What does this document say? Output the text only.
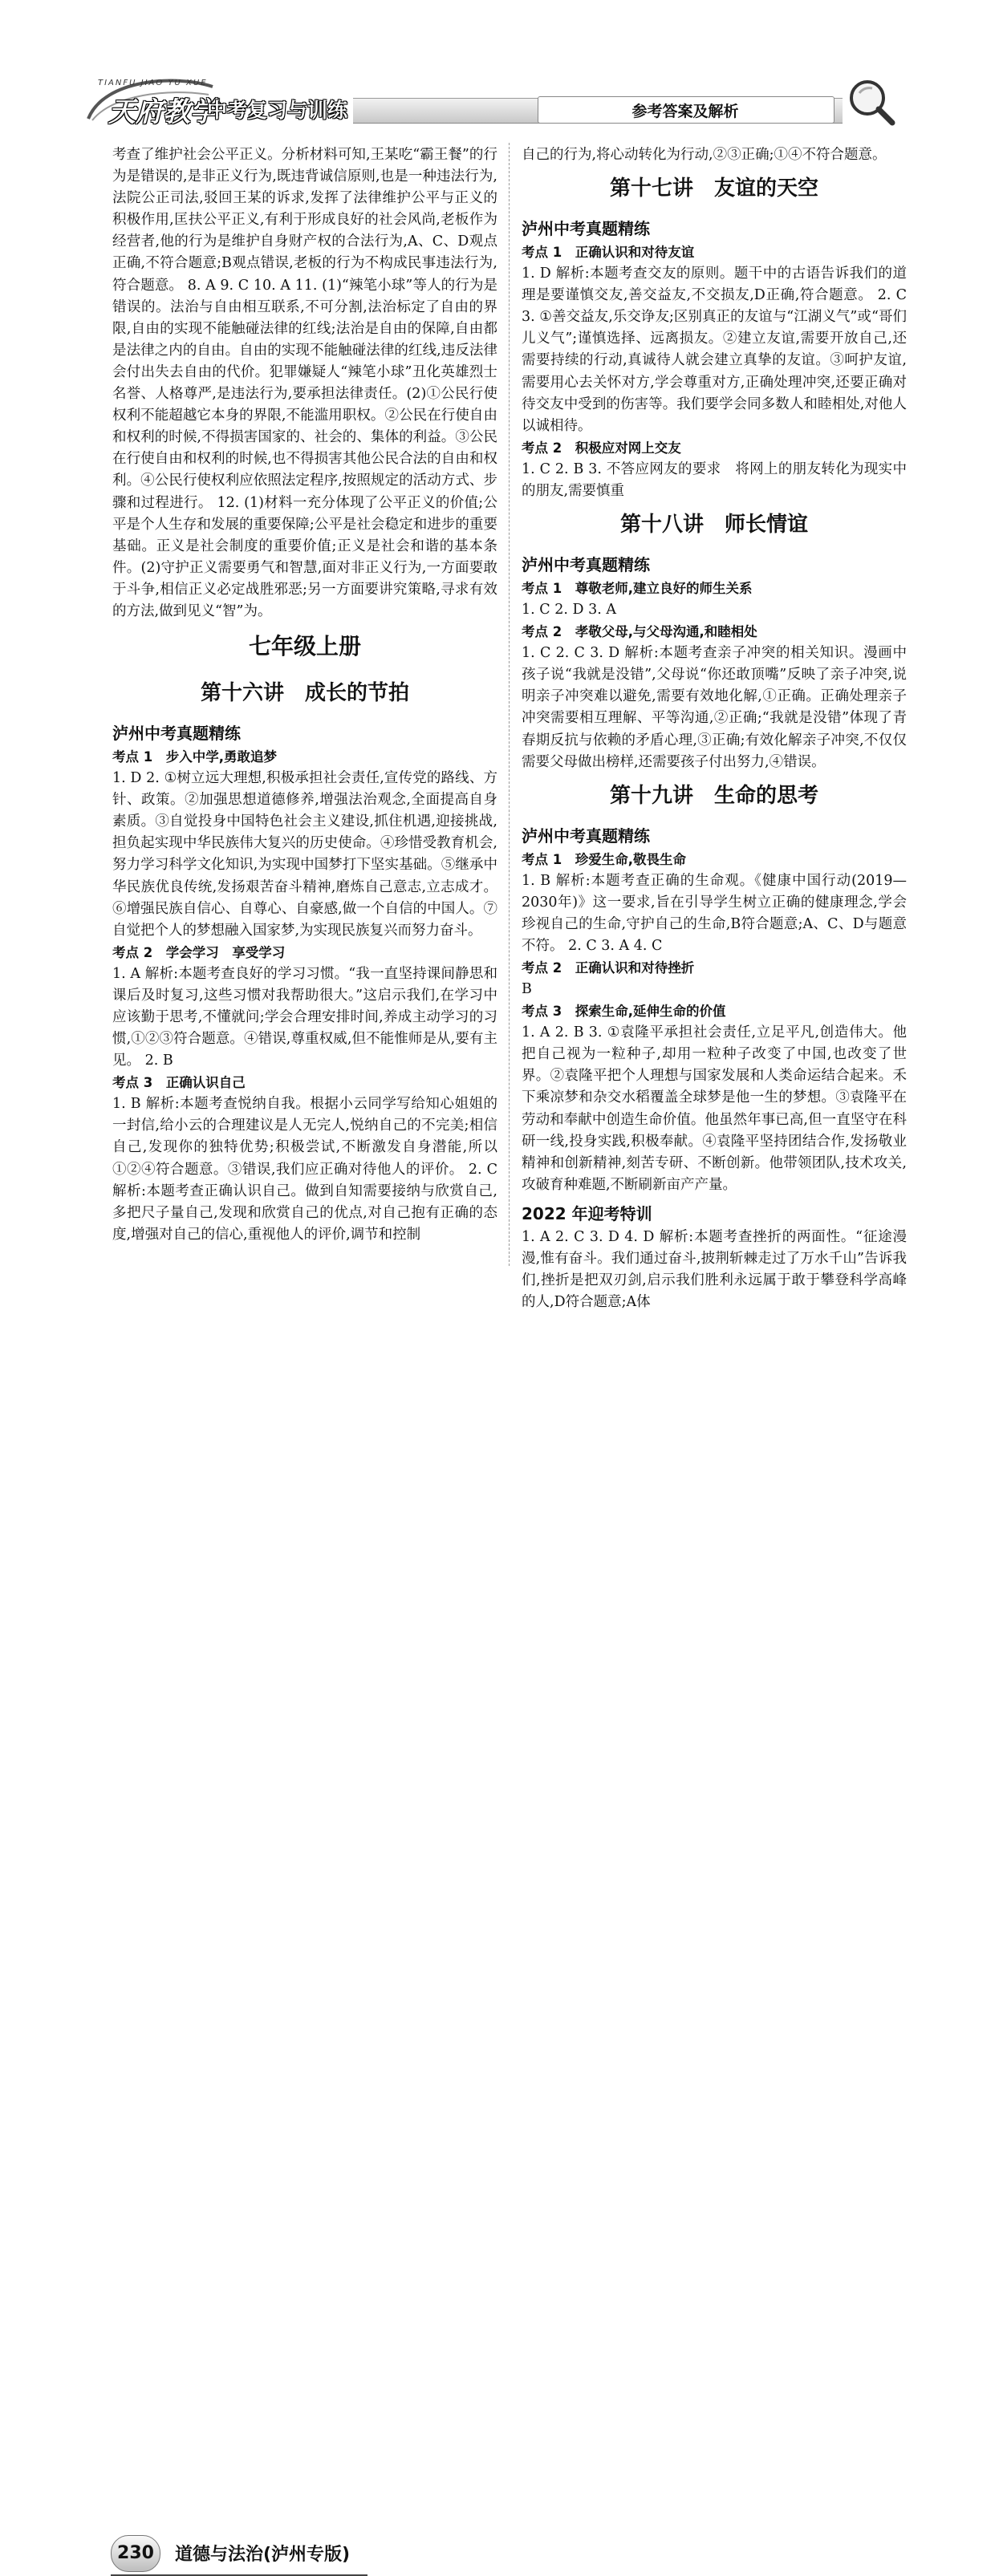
TIANFU JIAO YU XUE
天府教学
中考复习与训练	参考答案及解析

考查了维护社会公平正义。分析材料可知,王某吃“霸王餐”的行为是错误的,是非正义行为,既违背诚信原则,也是一种违法行为,法院公正司法,驳回王某的诉求,发挥了法律维护公平与正义的积极作用,匡扶公平正义,有利于形成良好的社会风尚,老板作为经营者,他的行为是维护自身财产权的合法行为,A、C、D观点正确,不符合题意;B观点错误,老板的行为不构成民事违法行为,符合题意。 8. A 9. C 10. A 11. (1)“辣笔小球”等人的行为是错误的。法治与自由相互联系,不可分割,法治标定了自由的界限,自由的实现不能触碰法律的红线;法治是自由的保障,自由都是法律之内的自由。自由的实现不能触碰法律的红线,违反法律会付出失去自由的代价。犯罪嫌疑人“辣笔小球”丑化英雄烈士名誉、人格尊严,是违法行为,要承担法律责任。(2)①公民行使权利不能超越它本身的界限,不能滥用职权。②公民在行使自由和权利的时候,不得损害国家的、社会的、集体的利益。③公民在行使自由和权利的时候,也不得损害其他公民合法的自由和权利。④公民行使权利应依照法定程序,按照规定的活动方式、步骤和过程进行。 12. (1)材料一充分体现了公平正义的价值;公平是个人生存和发展的重要保障;公平是社会稳定和进步的重要基础。正义是社会制度的重要价值;正义是社会和谐的基本条件。(2)守护正义需要勇气和智慧,面对非正义行为,一方面要敢于斗争,相信正义必定战胜邪恶;另一方面要讲究策略,寻求有效的方法,做到见义“智”为。

七年级上册
第十六讲　成长的节拍
泸州中考真题精练
考点 1　步入中学,勇敢追梦

1. D 2. ①树立远大理想,积极承担社会责任,宣传党的路线、方针、政策。②加强思想道德修养,增强法治观念,全面提高自身素质。③自觉投身中国特色社会主义建设,抓住机遇,迎接挑战,担负起实现中华民族伟大复兴的历史使命。④珍惜受教育机会,努力学习科学文化知识,为实现中国梦打下坚实基础。⑤继承中华民族优良传统,发扬艰苦奋斗精神,磨炼自己意志,立志成才。⑥增强民族自信心、自尊心、自豪感,做一个自信的中国人。⑦自觉把个人的梦想融入国家梦,为实现民族复兴而努力奋斗。

考点 2　学会学习　享受学习

1. A 解析:本题考查良好的学习习惯。“我一直坚持课间静思和课后及时复习,这些习惯对我帮助很大。”这启示我们,在学习中应该勤于思考,不懂就问;学会合理安排时间,养成主动学习的习惯,①②③符合题意。④错误,尊重权威,但不能惟师是从,要有主见。 2. B

考点 3　正确认识自己

1. B 解析:本题考查悦纳自我。根据小云同学写给知心姐姐的一封信,给小云的合理建议是人无完人,悦纳自己的不完美;相信自己,发现你的独特优势;积极尝试,不断激发自身潜能,所以①②④符合题意。③错误,我们应正确对待他人的评价。 2. C 解析:本题考查正确认识自己。做到自知需要接纳与欣赏自己,多把尺子量自己,发现和欣赏自己的优点,对自己抱有正确的态度,增强对自己的信心,重视他人的评价,调节和控制

自己的行为,将心动转化为行动,②③正确;①④不符合题意。

第十七讲　友谊的天空
泸州中考真题精练
考点 1　正确认识和对待友谊

1. D 解析:本题考查交友的原则。题干中的古语告诉我们的道理是要谨慎交友,善交益友,不交损友,D正确,符合题意。 2. C 3. ①善交益友,乐交诤友;区别真正的友谊与“江湖义气”或“哥们儿义气”;谨慎选择、远离损友。②建立友谊,需要开放自己,还需要持续的行动,真诚待人就会建立真挚的友谊。③呵护友谊,需要用心去关怀对方,学会尊重对方,正确处理冲突,还要正确对待交友中受到的伤害等。我们要学会同多数人和睦相处,对他人以诚相待。

考点 2　积极应对网上交友

1. C 2. B 3. 不答应网友的要求　将网上的朋友转化为现实中的朋友,需要慎重

第十八讲　师长情谊
泸州中考真题精练
考点 1　尊敬老师,建立良好的师生关系

1. C 2. D 3. A

考点 2　孝敬父母,与父母沟通,和睦相处

1. C 2. C 3. D 解析:本题考查亲子冲突的相关知识。漫画中孩子说“我就是没错”,父母说“你还敢顶嘴”反映了亲子冲突,说明亲子冲突难以避免,需要有效地化解,①正确。正确处理亲子冲突需要相互理解、平等沟通,②正确;“我就是没错”体现了青春期反抗与依赖的矛盾心理,③正确;有效化解亲子冲突,不仅仅需要父母做出榜样,还需要孩子付出努力,④错误。

第十九讲　生命的思考
泸州中考真题精练
考点 1　珍爱生命,敬畏生命

1. B 解析:本题考查正确的生命观。《健康中国行动(2019—2030年)》这一要求,旨在引导学生树立正确的健康理念,学会珍视自己的生命,守护自己的生命,B符合题意;A、C、D与题意不符。 2. C 3. A 4. C

考点 2　正确认识和对待挫折

B

考点 3　探索生命,延伸生命的价值

1. A 2. B 3. ①袁隆平承担社会责任,立足平凡,创造伟大。他把自己视为一粒种子,却用一粒种子改变了中国,也改变了世界。②袁隆平把个人理想与国家发展和人类命运结合起来。禾下乘凉梦和杂交水稻覆盖全球梦是他一生的梦想。③袁隆平在劳动和奉献中创造生命价值。他虽然年事已高,但一直坚守在科研一线,投身实践,积极奉献。④袁隆平坚持团结合作,发扬敬业精神和创新精神,刻苦专研、不断创新。他带领团队,技术攻关,攻破育种难题,不断刷新亩产产量。

2022 年迎考特训

1. A 2. C 3. D 4. D 解析:本题考查挫折的两面性。“征途漫漫,惟有奋斗。我们通过奋斗,披荆斩棘走过了万水千山”告诉我们,挫折是把双刃剑,启示我们胜利永远属于敢于攀登科学高峰的人,D符合题意;A体

230	道德与法治(泸州专版)
